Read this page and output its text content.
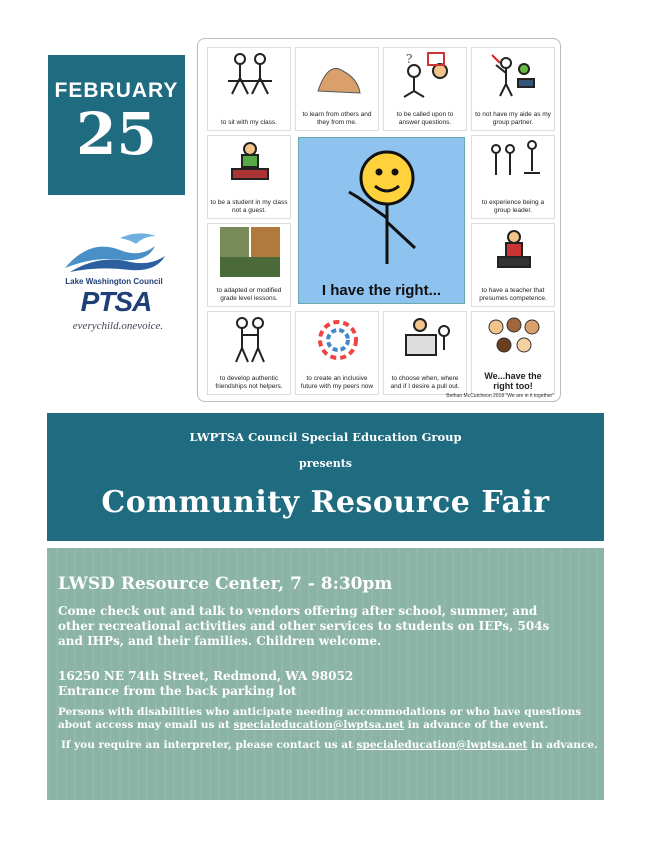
FEBRUARY
25
Lake Washington Council
PTSA
everychild.onevoice.
to sit with my class.
to learn from others and they from me.
?
to be called upon to answer questions.
to not have my aide as my group partner.
to be a student in my class not a guest.
I have the right...
to experience being a group leader.
to adapted or modified grade level lessons.
to have a teacher that presumes competence.
to develop authentic friendships not helpers.
to create an inclusive future with my peers now
to choose when, where and if I desire a pull out.
We...have the right too!
Bethan McCutcheon 2018 "We are in it together"
LWPTSA Council Special Education Group
presents
Community Resource Fair
LWSD Resource Center, 7 - 8:30pm
Come check out and talk to vendors offering after school, summer, and other recreational activities and other services to students on IEPs, 504s and IHPs, and their families. Children welcome.
16250 NE 74th Street, Redmond, WA 98052
Entrance from the back parking lot
Persons with disabilities who anticipate needing accommodations or who have questions about access may email us at specialeducation@lwptsa.net in advance of the event.
If you require an interpreter, please contact us at specialeducation@lwptsa.net in advance.
